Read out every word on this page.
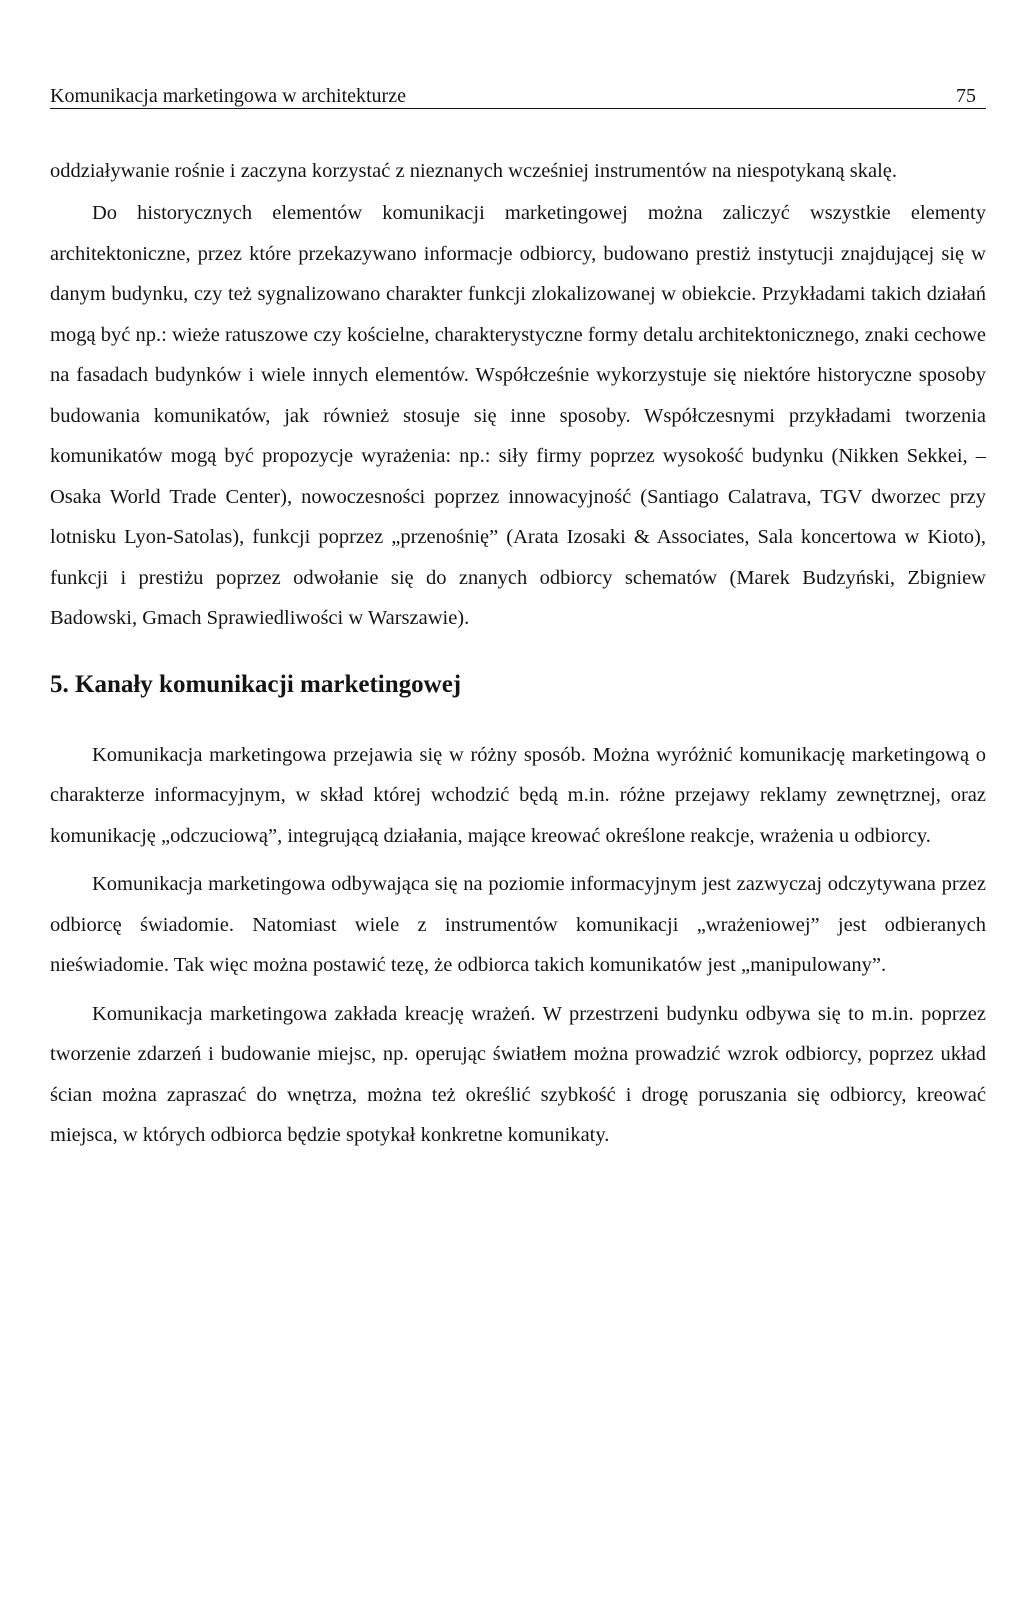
Komunikacja marketingowa w architekturze	75

oddziaływanie rośnie i zaczyna korzystać z nieznanych wcześniej instrumentów na niespotykaną skalę.

Do historycznych elementów komunikacji marketingowej można zaliczyć wszystkie elementy architektoniczne, przez które przekazywano informacje odbiorcy, budowano prestiż instytucji znajdującej się w danym budynku, czy też sygnalizowano charakter funkcji zlokalizowanej w obiekcie. Przykładami takich działań mogą być np.: wieże ratuszowe czy kościelne, charakterystyczne formy detalu architektonicznego, znaki cechowe na fasadach budynków i wiele innych elementów. Współcześnie wykorzystuje się niektóre historyczne sposoby budowania komunikatów, jak również stosuje się inne sposoby. Współczesnymi przykładami tworzenia komunikatów mogą być propozycje wyrażenia: np.: siły firmy poprzez wysokość budynku (Nikken Sekkei, – Osaka World Trade Center), nowoczesności poprzez innowacyjność (Santiago Calatrava, TGV dworzec przy lotnisku Lyon-Satolas), funkcji poprzez „przenośnię” (Arata Izosaki & Associates, Sala koncertowa w Kioto), funkcji i prestiżu poprzez odwołanie się do znanych odbiorcy schematów (Marek Budzyński, Zbigniew Badowski, Gmach Sprawiedliwości w Warszawie).

5. Kanały komunikacji marketingowej

Komunikacja marketingowa przejawia się w różny sposób. Można wyróżnić komunikację marketingową o charakterze informacyjnym, w skład której wchodzić będą m.in. różne przejawy reklamy zewnętrznej, oraz komunikację „odczuciową”, integrującą działania, mające kreować określone reakcje, wrażenia u odbiorcy.

Komunikacja marketingowa odbywająca się na poziomie informacyjnym jest zazwyczaj odczytywana przez odbiorcę świadomie. Natomiast wiele z instrumentów komunikacji „wrażeniowej” jest odbieranych nieświadomie. Tak więc można postawić tezę, że odbiorca takich komunikatów jest „manipulowany”.

Komunikacja marketingowa zakłada kreację wrażeń. W przestrzeni budynku odbywa się to m.in. poprzez tworzenie zdarzeń i budowanie miejsc, np. operując światłem można prowadzić wzrok odbiorcy, poprzez układ ścian można zapraszać do wnętrza, można też określić szybkość i drogę poruszania się odbiorcy, kreować miejsca, w których odbiorca będzie spotykał konkretne komunikaty.
